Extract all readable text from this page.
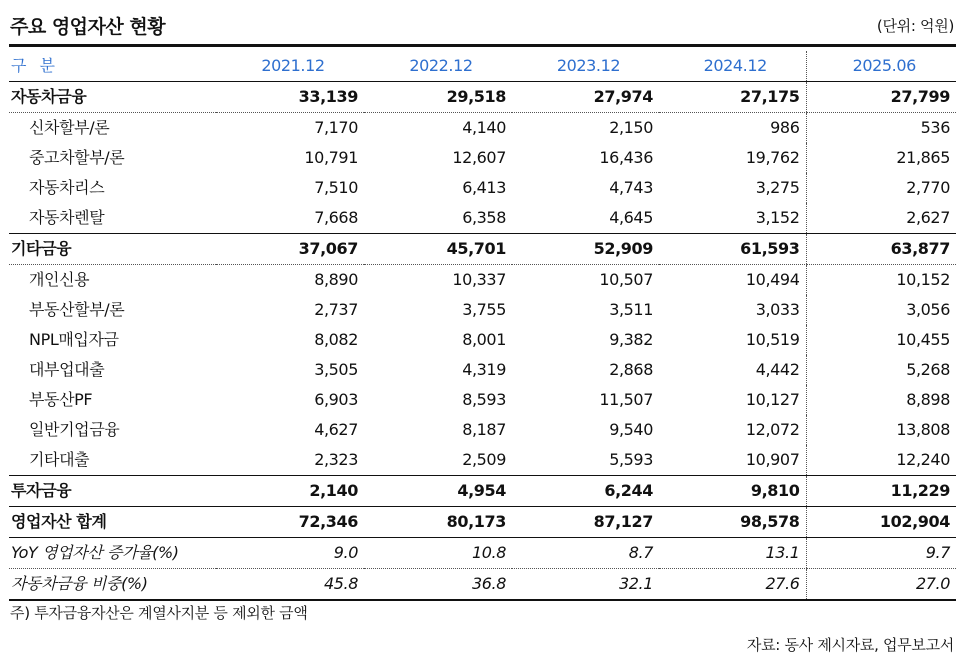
주요 영업자산 현황	(단위: 억원)
구 분	2021.12	2022.12	2023.12	2024.12	2025.06
자동차금융	33,139	29,518	27,974	27,175	27,799
신차할부/론	7,170	4,140	2,150	986	536
중고차할부/론	10,791	12,607	16,436	19,762	21,865
자동차리스	7,510	6,413	4,743	3,275	2,770
자동차렌탈	7,668	6,358	4,645	3,152	2,627
기타금융	37,067	45,701	52,909	61,593	63,877
개인신용	8,890	10,337	10,507	10,494	10,152
부동산할부/론	2,737	3,755	3,511	3,033	3,056
NPL매입자금	8,082	8,001	9,382	10,519	10,455
대부업대출	3,505	4,319	2,868	4,442	5,268
부동산PF	6,903	8,593	11,507	10,127	8,898
일반기업금융	4,627	8,187	9,540	12,072	13,808
기타대출	2,323	2,509	5,593	10,907	12,240
투자금융	2,140	4,954	6,244	9,810	11,229
영업자산 합계	72,346	80,173	87,127	98,578	102,904
YoY 영업자산 증가율(%)	9.0	10.8	8.7	13.1	9.7
자동차금융 비중(%)	45.8	36.8	32.1	27.6	27.0
주) 투자금융자산은 계열사지분 등 제외한 금액
자료: 동사 제시자료, 업무보고서
